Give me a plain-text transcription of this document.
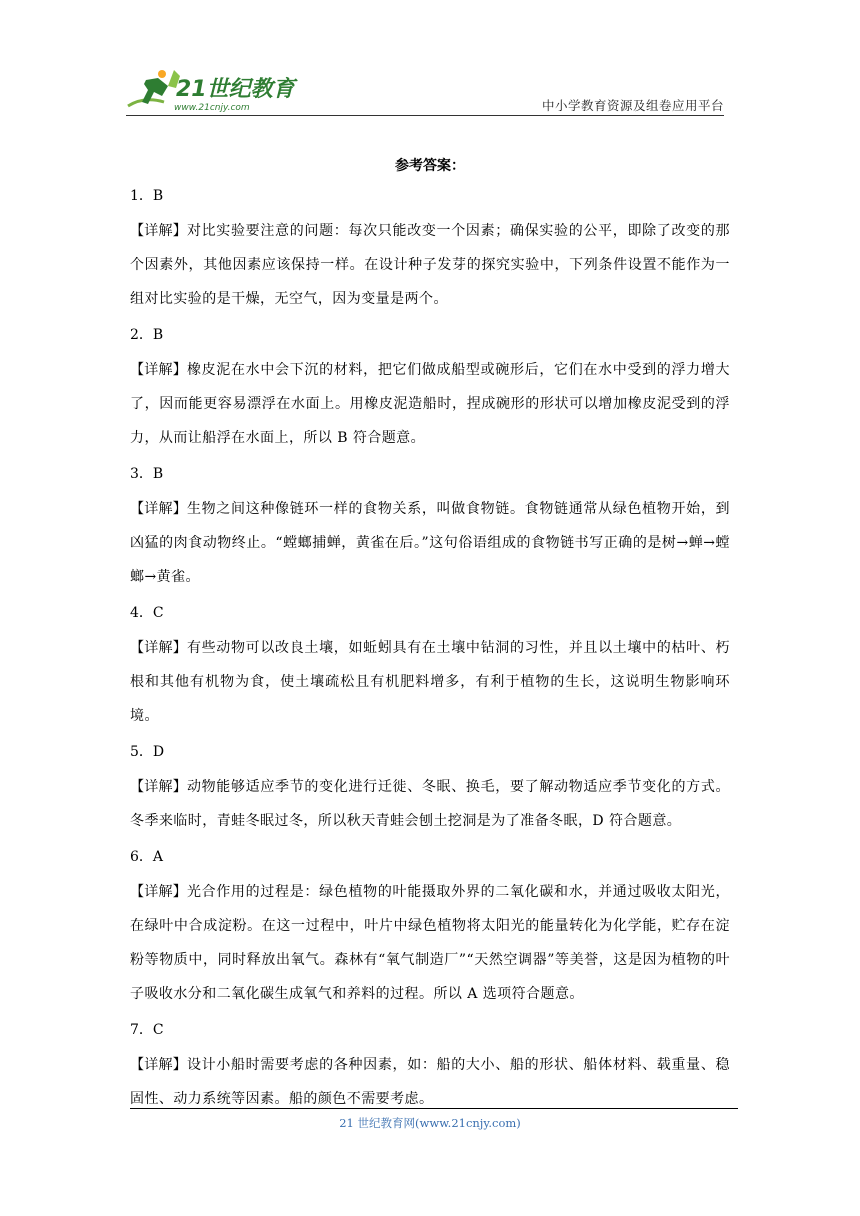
21世纪教育
www.21cnjy.com	中小学教育资源及组卷应用平台
参考答案：
1．B

【详解】对比实验要注意的问题：每次只能改变一个因素；确保实验的公平，即除了改变的那个因素外，其他因素应该保持一样。在设计种子发芽的探究实验中，下列条件设置不能作为一组对比实验的是干燥，无空气，因为变量是两个。

2．B

【详解】橡皮泥在水中会下沉的材料，把它们做成船型或碗形后，它们在水中受到的浮力增大了，因而能更容易漂浮在水面上。用橡皮泥造船时，捏成碗形的形状可以增加橡皮泥受到的浮力，从而让船浮在水面上，所以 B 符合题意。

3．B

【详解】生物之间这种像链环一样的食物关系，叫做食物链。食物链通常从绿色植物开始，到凶猛的肉食动物终止。“螳螂捕蝉，黄雀在后。”这句俗语组成的食物链书写正确的是树→蝉→螳螂→黄雀。

4．C

【详解】有些动物可以改良土壤，如蚯蚓具有在土壤中钻洞的习性，并且以土壤中的枯叶、朽根和其他有机物为食，使土壤疏松且有机肥料增多，有利于植物的生长，这说明生物影响环境。

5．D

【详解】动物能够适应季节的变化进行迁徙、冬眠、换毛，要了解动物适应季节变化的方式。冬季来临时，青蛙冬眠过冬，所以秋天青蛙会刨土挖洞是为了准备冬眠，D 符合题意。

6．A

【详解】光合作用的过程是：绿色植物的叶能摄取外界的二氧化碳和水，并通过吸收太阳光，在绿叶中合成淀粉。在这一过程中，叶片中绿色植物将太阳光的能量转化为化学能，贮存在淀粉等物质中，同时释放出氧气。森林有“氧气制造厂”“天然空调器”等美誉，这是因为植物的叶子吸收水分和二氧化碳生成氧气和养料的过程。所以 A 选项符合题意。

7．C

【详解】设计小船时需要考虑的各种因素，如：船的大小、船的形状、船体材料、载重量、稳固性、动力系统等因素。船的颜色不需要考虑。

21 世纪教育网(www.21cnjy.com)
